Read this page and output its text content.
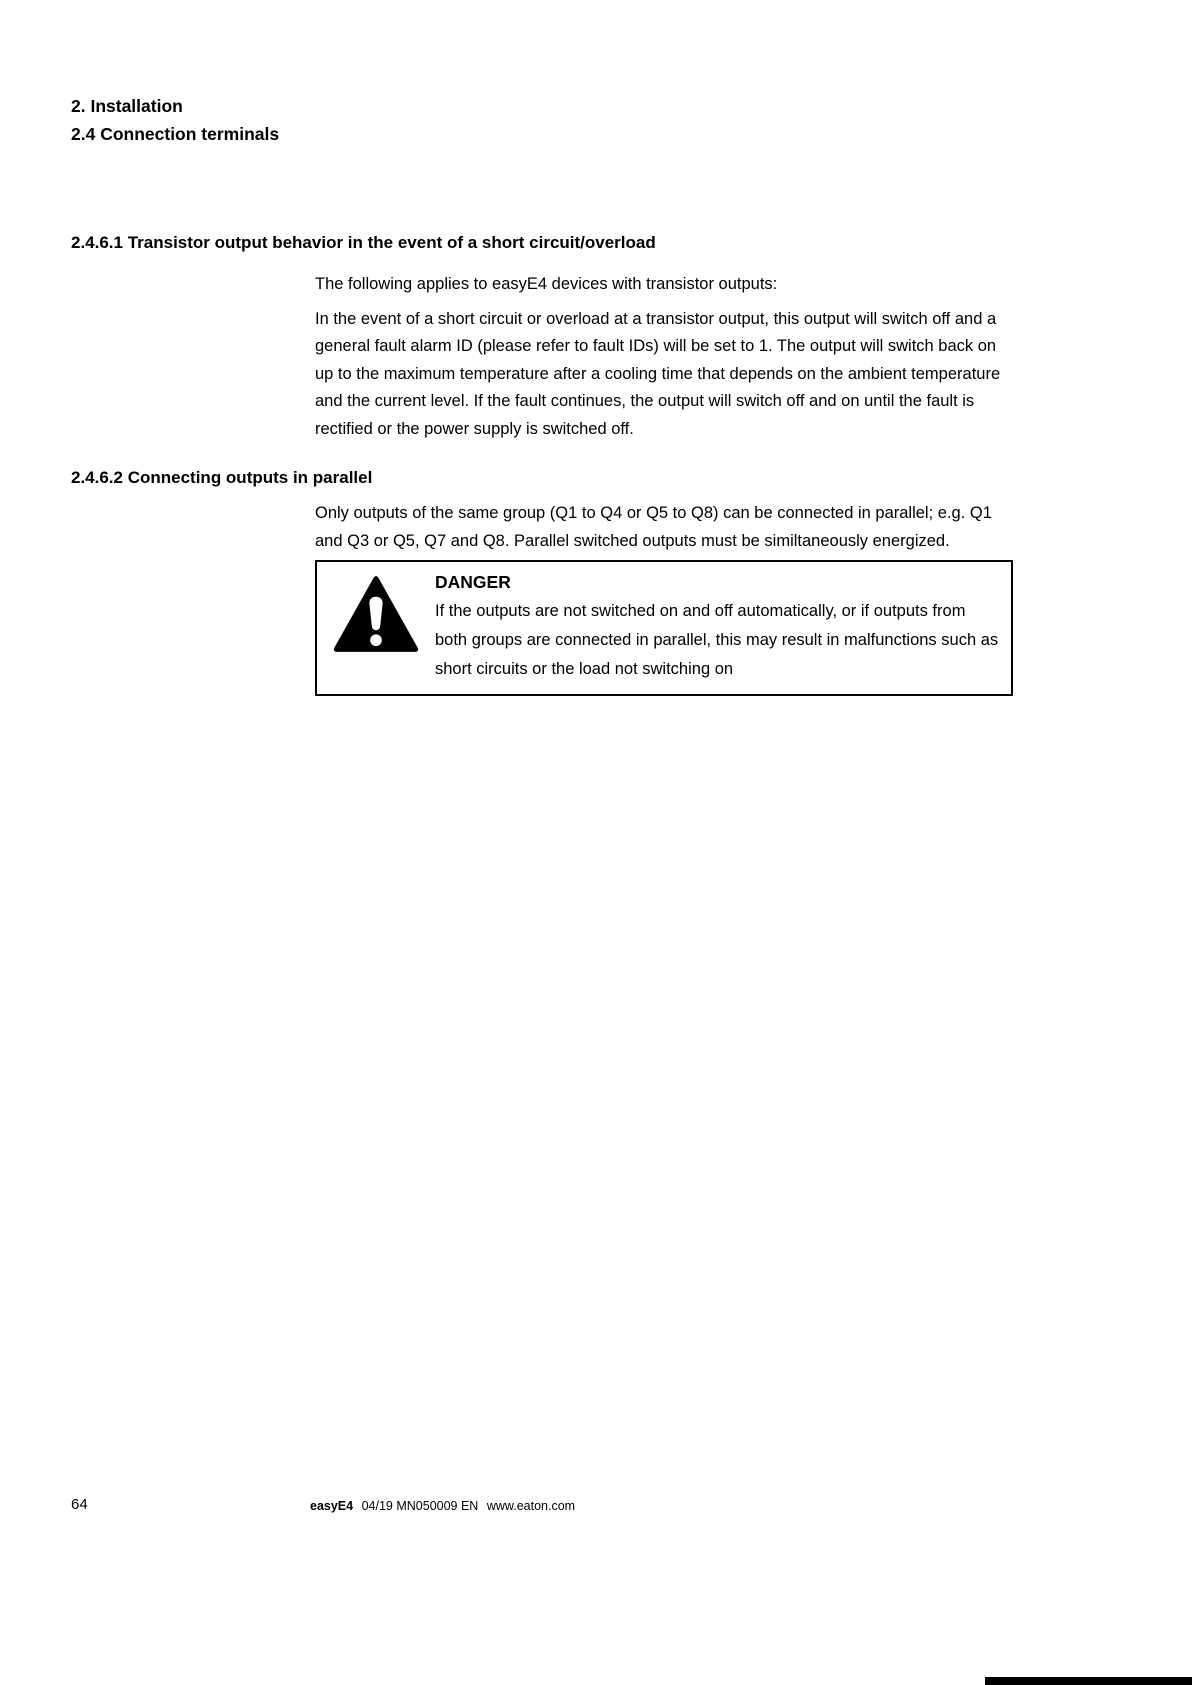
2. Installation
2.4 Connection terminals
2.4.6.1 Transistor output behavior in the event of a short circuit/overload

The following applies to easyE4 devices with transistor outputs:

In the event of a short circuit or overload at a transistor output, this output will switch off and a general fault alarm ID (please refer to fault IDs) will be set to 1. The output will switch back on up to the maximum temperature after a cooling time that depends on the ambient temperature and the current level. If the fault continues, the output will switch off and on until the fault is rectified or the power supply is switched off.

2.4.6.2 Connecting outputs in parallel

Only outputs of the same group (Q1 to Q4 or Q5 to Q8) can be connected in parallel; e.g. Q1 and Q3 or Q5, Q7 and Q8. Parallel switched outputs must be similtaneously energized.

DANGER
If the outputs are not switched on and off automatically, or if outputs from both groups are connected in parallel, this may result in malfunctions such as short circuits or the load not switching on
64	easyE4 04/19 MN050009 EN www.eaton.com
